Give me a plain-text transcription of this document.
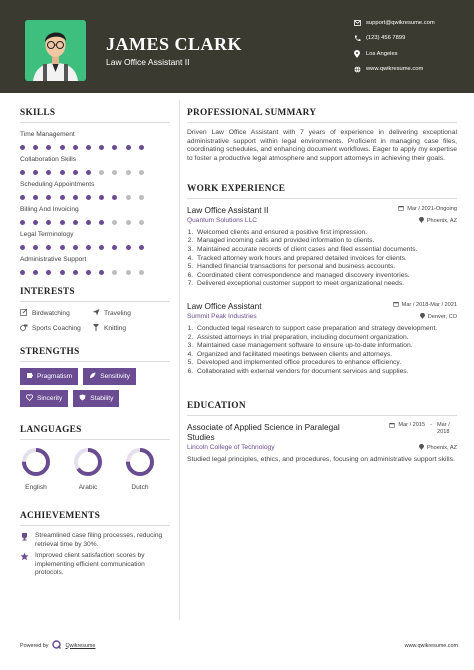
JAMES CLARK
Law Office Assistant II
support@qwikresume.com
(123) 456 7899
Los Angeles
www.qwikresume.com
SKILLS
Time Management
Collaboration Skills
Scheduling Appointments
Billing And Invoicing
Legal Terminology
Administrative Support
INTERESTS
Birdwatching	Traveling
Sports Coaching	Knitting
STRENGTHS
Pragmatism	Sensitivity
Sincerity	Stability
LANGUAGES
English	Arabic	Dutch
ACHIEVEMENTS
Streamlined case filing processes, reducing retrieval time by 30%.
Improved client satisfaction scores by implementing efficient communication protocols.
PROFESSIONAL SUMMARY
Driven Law Office Assistant with 7 years of experience in delivering exceptional administrative support within legal environments. Proficient in managing case files, coordinating schedules, and enhancing document workflows. Eager to apply my expertise to foster a productive legal atmosphere and support attorneys in achieving their goals.
WORK EXPERIENCE
Law Office Assistant II	Mar / 2021-Ongoing
Quantum Solutions LLC	Phoenix, AZ
1. Welcomed clients and ensured a positive first impression.
2. Managed incoming calls and provided information to clients.
3. Maintained accurate records of client cases and filed essential documents.
4. Tracked attorney work hours and prepared detailed invoices for clients.
5. Handled financial transactions for personal and business accounts.
6. Coordinated client correspondence and managed discovery inventories.
7. Delivered exceptional customer support to meet organizational needs.
Law Office Assistant	Mar / 2018-Mar / 2021
Summit Peak Industries	Denver, CO
1. Conducted legal research to support case preparation and strategy development.
2. Assisted attorneys in trial preparation, including document organization.
3. Maintained case management software to ensure up-to-date information.
4. Organized and facilitated meetings between clients and attorneys.
5. Developed and implemented office procedures to enhance efficiency.
6. Collaborated with external vendors for document services and supplies.
EDUCATION
Associate of Applied Science in Paralegal Studies
Mar / 2015 - Mar / 2018
Lincoln College of Technology	Phoenix, AZ
Studied legal principles, ethics, and procedures, focusing on administrative support skills.
Powered by	Qwikresume	www.qwikresume.com
